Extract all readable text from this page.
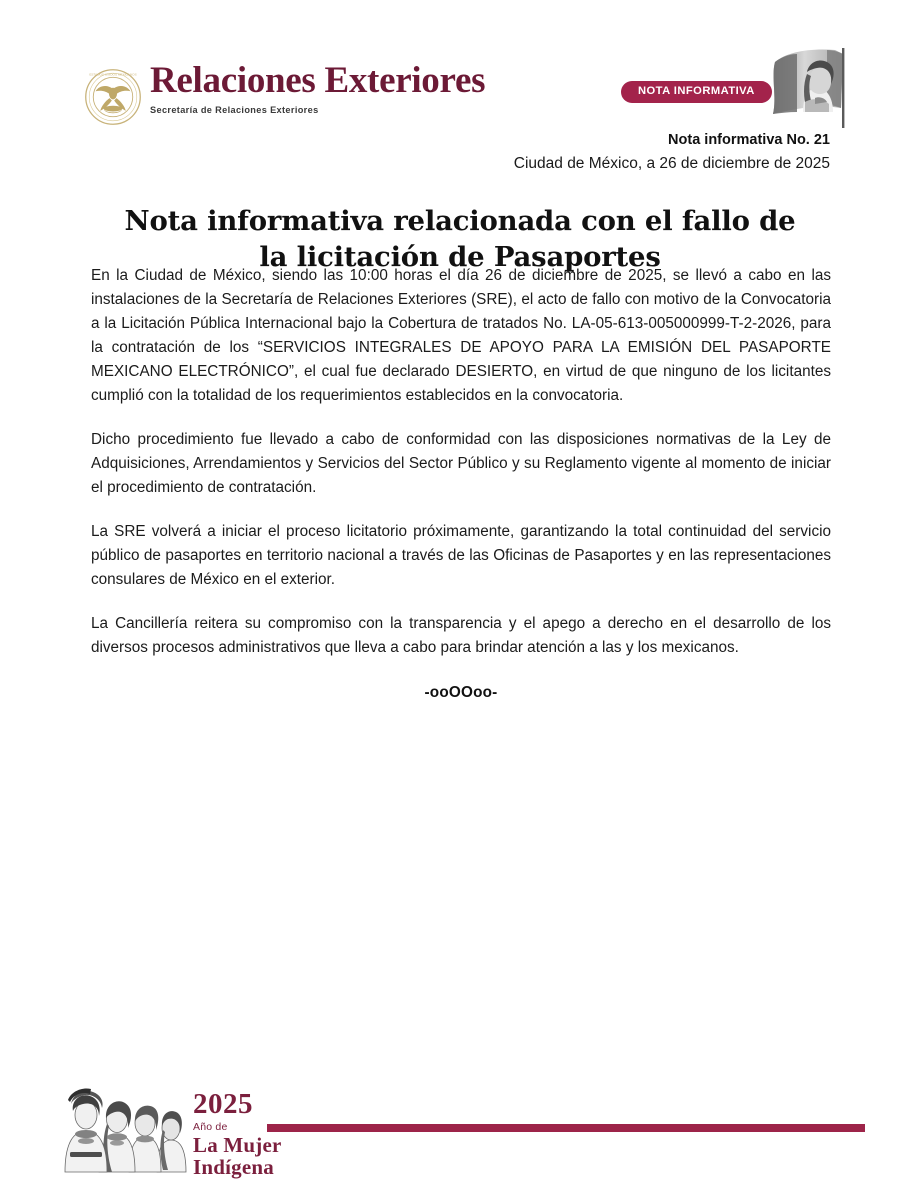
ESTADOS UNIDOS MEXICANOS Relaciones Exteriores
Secretaría de Relaciones Exteriores
NOTA INFORMATIVA
Nota informativa No. 21
Ciudad de México, a 26 de diciembre de 2025
Nota informativa relacionada con el fallo de la licitación de Pasaportes

En la Ciudad de México, siendo las 10:00 horas el día 26 de diciembre de 2025, se llevó a cabo en las instalaciones de la Secretaría de Relaciones Exteriores (SRE), el acto de fallo con motivo de la Convocatoria a la Licitación Pública Internacional bajo la Cobertura de tratados No. LA-05-613-005000999-T-2-2026, para la contratación de los “SERVICIOS INTEGRALES DE APOYO PARA LA EMISIÓN DEL PASAPORTE MEXICANO ELECTRÓNICO”, el cual fue declarado DESIERTO, en virtud de que ninguno de los licitantes cumplió con la totalidad de los requerimientos establecidos en la convocatoria.

Dicho procedimiento fue llevado a cabo de conformidad con las disposiciones normativas de la Ley de Adquisiciones, Arrendamientos y Servicios del Sector Público y su Reglamento vigente al momento de iniciar el procedimiento de contratación.

La SRE volverá a iniciar el proceso licitatorio próximamente, garantizando la total continuidad del servicio público de pasaportes en territorio nacional a través de las Oficinas de Pasaportes y en las representaciones consulares de México en el exterior.

La Cancillería reitera su compromiso con la transparencia y el apego a derecho en el desarrollo de los diversos procesos administrativos que lleva a cabo para brindar atención a las y los mexicanos.

-ooOOoo-
2025
Año de
La Mujer
Indígena
